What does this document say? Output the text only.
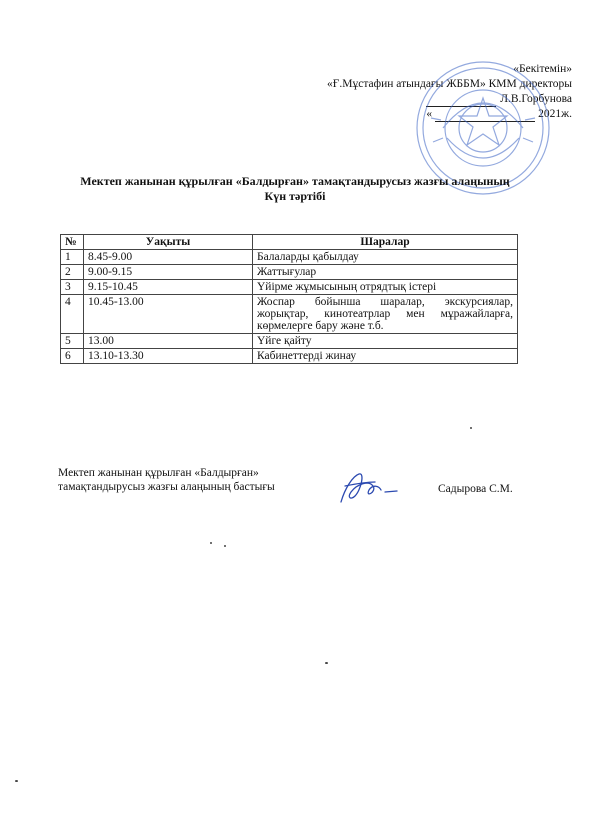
«Бекітемін»
«Ғ.Мұстафин атындағы ЖББМ» КММ директоры
Л.В.Горбунова
«	2021ж.
Мектеп жанынан құрылған «Балдырған» тамақтандырусыз жазғы алаңының
Күн тәртібі
№	Уақыты	Шаралар
1	8.45-9.00	Балаларды қабылдау
2	9.00-9.15	Жаттығулар
3	9.15-10.45	Үйірме жұмысының отрядтық істері
4	10.45-13.00	Жоспар бойынша шаралар, экскурсиялар, жорықтар, кинотеатрлар мен мұражайларға, көрмелерге бару және т.б.
5	13.00	Үйге қайту
6	13.10-13.30	Кабинеттерді жинау
Мектеп жанынан құрылған «Балдырған»
тамақтандырусыз жазғы алаңының бастығы	Садырова С.М.
